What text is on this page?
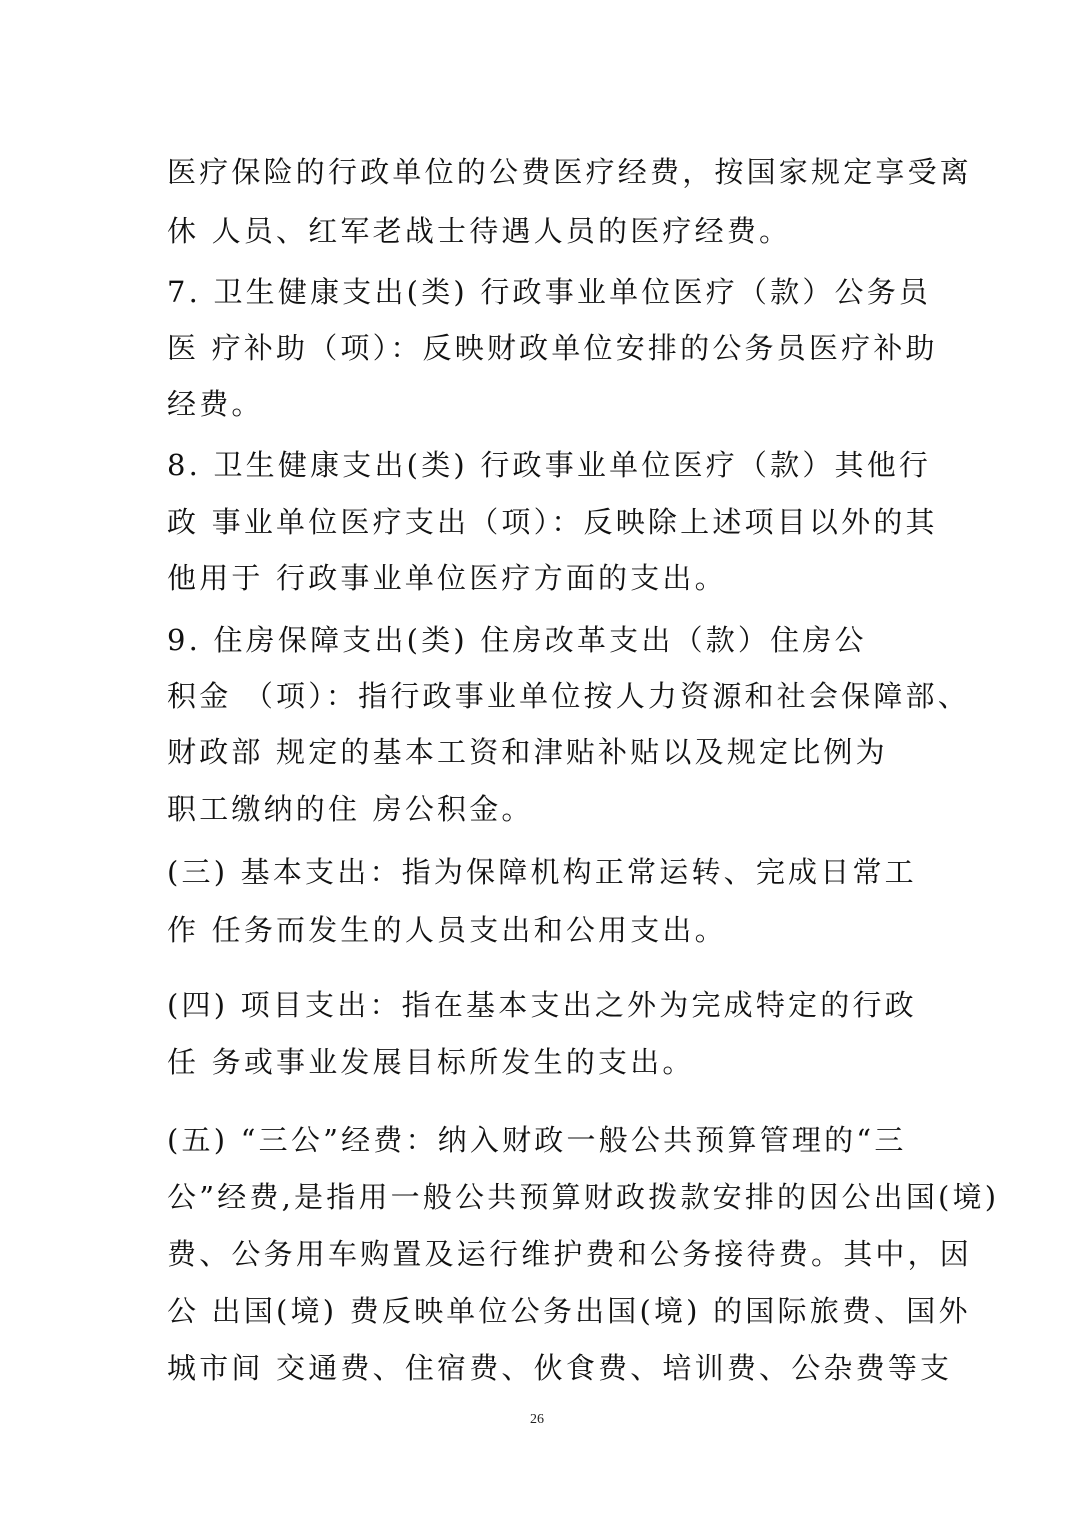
医疗保险的行政单位的公费医疗经费，按国家规定享受离
休 人员、红军老战士待遇人员的医疗经费。
7. 卫生健康支出(类) 行政事业单位医疗（款）公务员
医 疗补助（项）：反映财政单位安排的公务员医疗补助
经费。
8. 卫生健康支出(类) 行政事业单位医疗（款）其他行
政 事业单位医疗支出（项）：反映除上述项目以外的其
他用于 行政事业单位医疗方面的支出。
9. 住房保障支出(类) 住房改革支出（款）住房公
积金 （项）：指行政事业单位按人力资源和社会保障部、
财政部 规定的基本工资和津贴补贴以及规定比例为
职工缴纳的住 房公积金。
(三) 基本支出：指为保障机构正常运转、完成日常工
作 任务而发生的人员支出和公用支出。
(四) 项目支出：指在基本支出之外为完成特定的行政
任 务或事业发展目标所发生的支出。
(五) “三公”经费：纳入财政一般公共预算管理的“三
公”经费,是指用一般公共预算财政拨款安排的因公出国(境)
费、公务用车购置及运行维护费和公务接待费。其中，因
公 出国(境) 费反映单位公务出国(境) 的国际旅费、国外
城市间 交通费、住宿费、伙食费、培训费、公杂费等支
26
